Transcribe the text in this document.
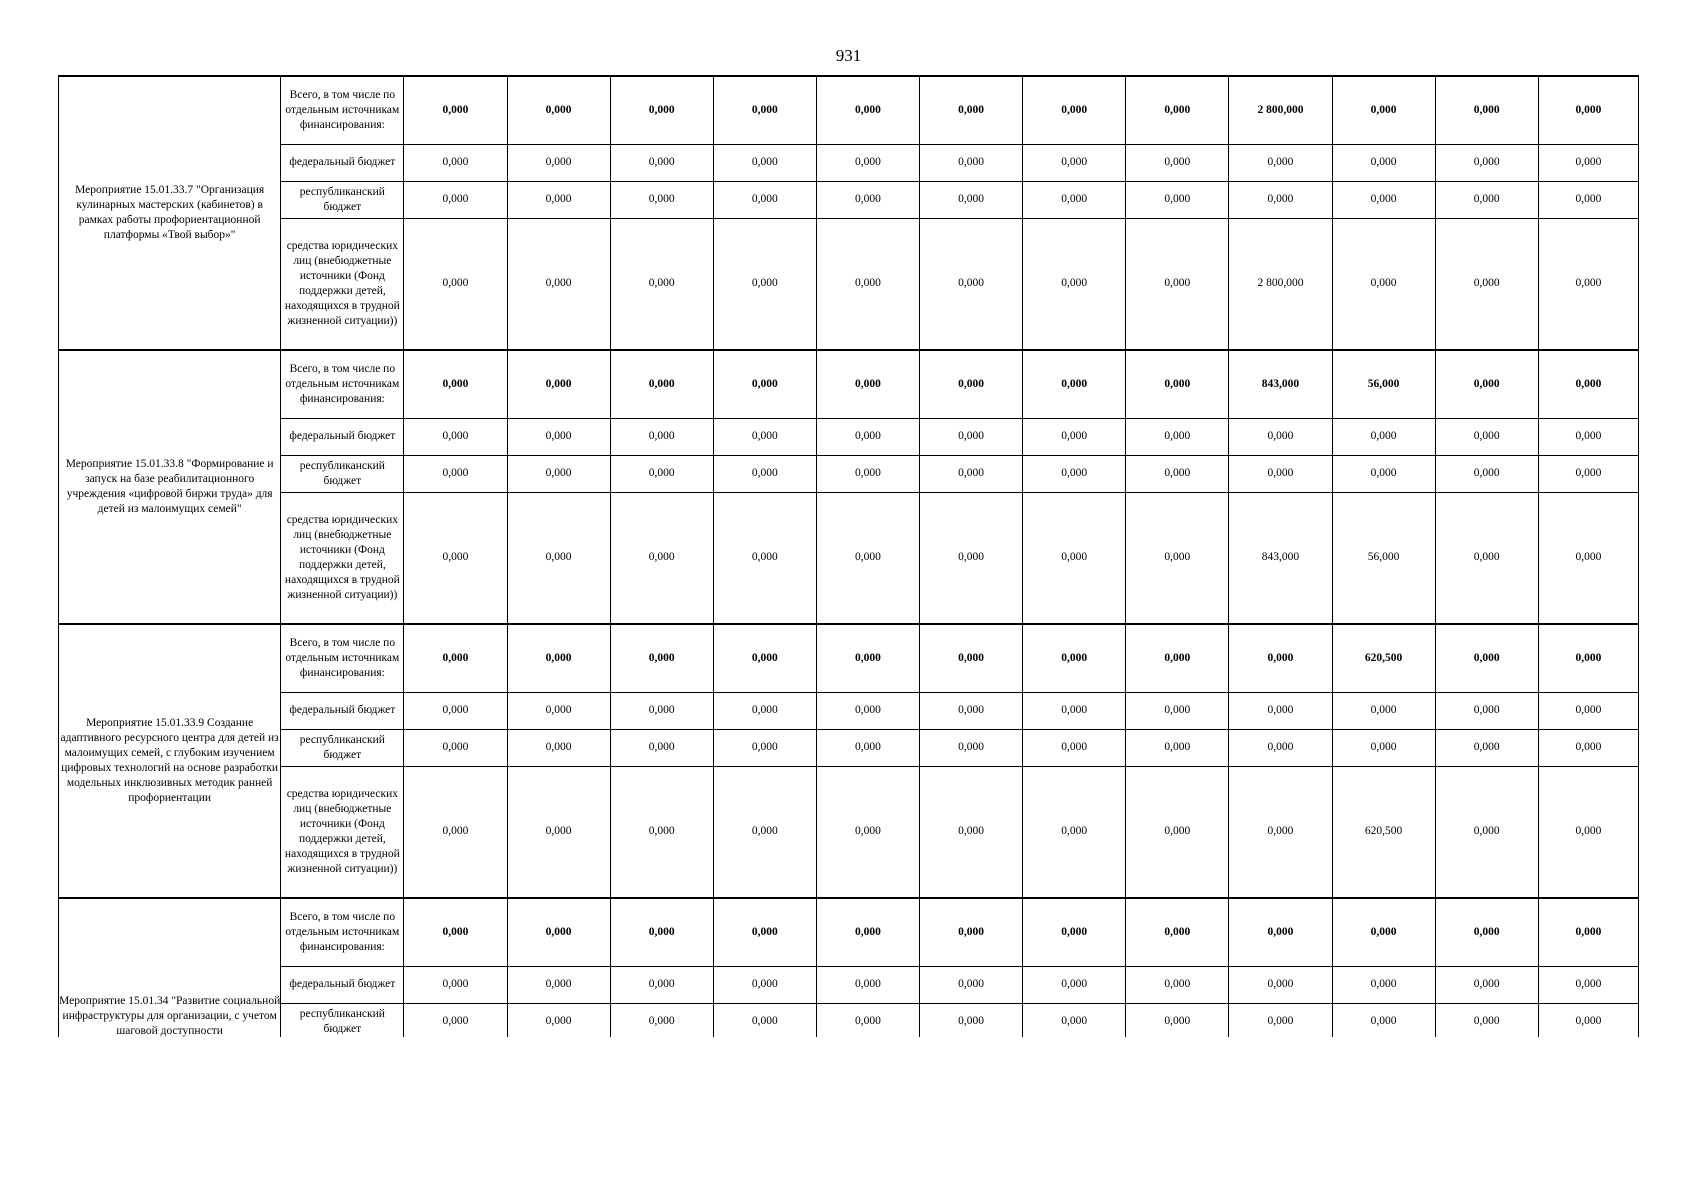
931
Мероприятие 15.01.33.7 "Организация кулинарных мастерских (кабинетов) в рамках работы профориентационной платформы «Твой выбор»"	Всего, в том числе по отдельным источникам финансирования:	0,000	0,000	0,000	0,000	0,000	0,000	0,000	0,000	2 800,000	0,000	0,000	0,000
	федеральный бюджет	0,000	0,000	0,000	0,000	0,000	0,000	0,000	0,000	0,000	0,000	0,000	0,000
	республиканский бюджет	0,000	0,000	0,000	0,000	0,000	0,000	0,000	0,000	0,000	0,000	0,000	0,000
	средства юридических лиц (внебюджетные источники (Фонд поддержки детей, находящихся в трудной жизненной ситуации))	0,000	0,000	0,000	0,000	0,000	0,000	0,000	0,000	2 800,000	0,000	0,000	0,000
Мероприятие 15.01.33.8 "Формирование и запуск на базе реабилитационного учреждения «цифровой биржи труда» для детей из малоимущих семей"	Всего, в том числе по отдельным источникам финансирования:	0,000	0,000	0,000	0,000	0,000	0,000	0,000	0,000	843,000	56,000	0,000	0,000
	федеральный бюджет	0,000	0,000	0,000	0,000	0,000	0,000	0,000	0,000	0,000	0,000	0,000	0,000
	республиканский бюджет	0,000	0,000	0,000	0,000	0,000	0,000	0,000	0,000	0,000	0,000	0,000	0,000
	средства юридических лиц (внебюджетные источники (Фонд поддержки детей, находящихся в трудной жизненной ситуации))	0,000	0,000	0,000	0,000	0,000	0,000	0,000	0,000	843,000	56,000	0,000	0,000
Мероприятие 15.01.33.9 Создание адаптивного ресурсного центра для детей из малоимущих семей, с глубоким изучением цифровых технологий на основе разработки модельных инклюзивных методик ранней профориентации	Всего, в том числе по отдельным источникам финансирования:	0,000	0,000	0,000	0,000	0,000	0,000	0,000	0,000	0,000	620,500	0,000	0,000
	федеральный бюджет	0,000	0,000	0,000	0,000	0,000	0,000	0,000	0,000	0,000	0,000	0,000	0,000
	республиканский бюджет	0,000	0,000	0,000	0,000	0,000	0,000	0,000	0,000	0,000	0,000	0,000	0,000
	средства юридических лиц (внебюджетные источники (Фонд поддержки детей, находящихся в трудной жизненной ситуации))	0,000	0,000	0,000	0,000	0,000	0,000	0,000	0,000	0,000	620,500	0,000	0,000

Мероприятие 15.01.34 "Развитие социальной инфраструктуры для организации, с учетом шаговой доступности	Всего, в том числе по отдельным источникам финансирования:	0,000	0,000	0,000	0,000	0,000	0,000	0,000	0,000	0,000	0,000	0,000	0,000
	федеральный бюджет	0,000	0,000	0,000	0,000	0,000	0,000	0,000	0,000	0,000	0,000	0,000	0,000
	республиканский бюджет	0,000	0,000	0,000	0,000	0,000	0,000	0,000	0,000	0,000	0,000	0,000	0,000
